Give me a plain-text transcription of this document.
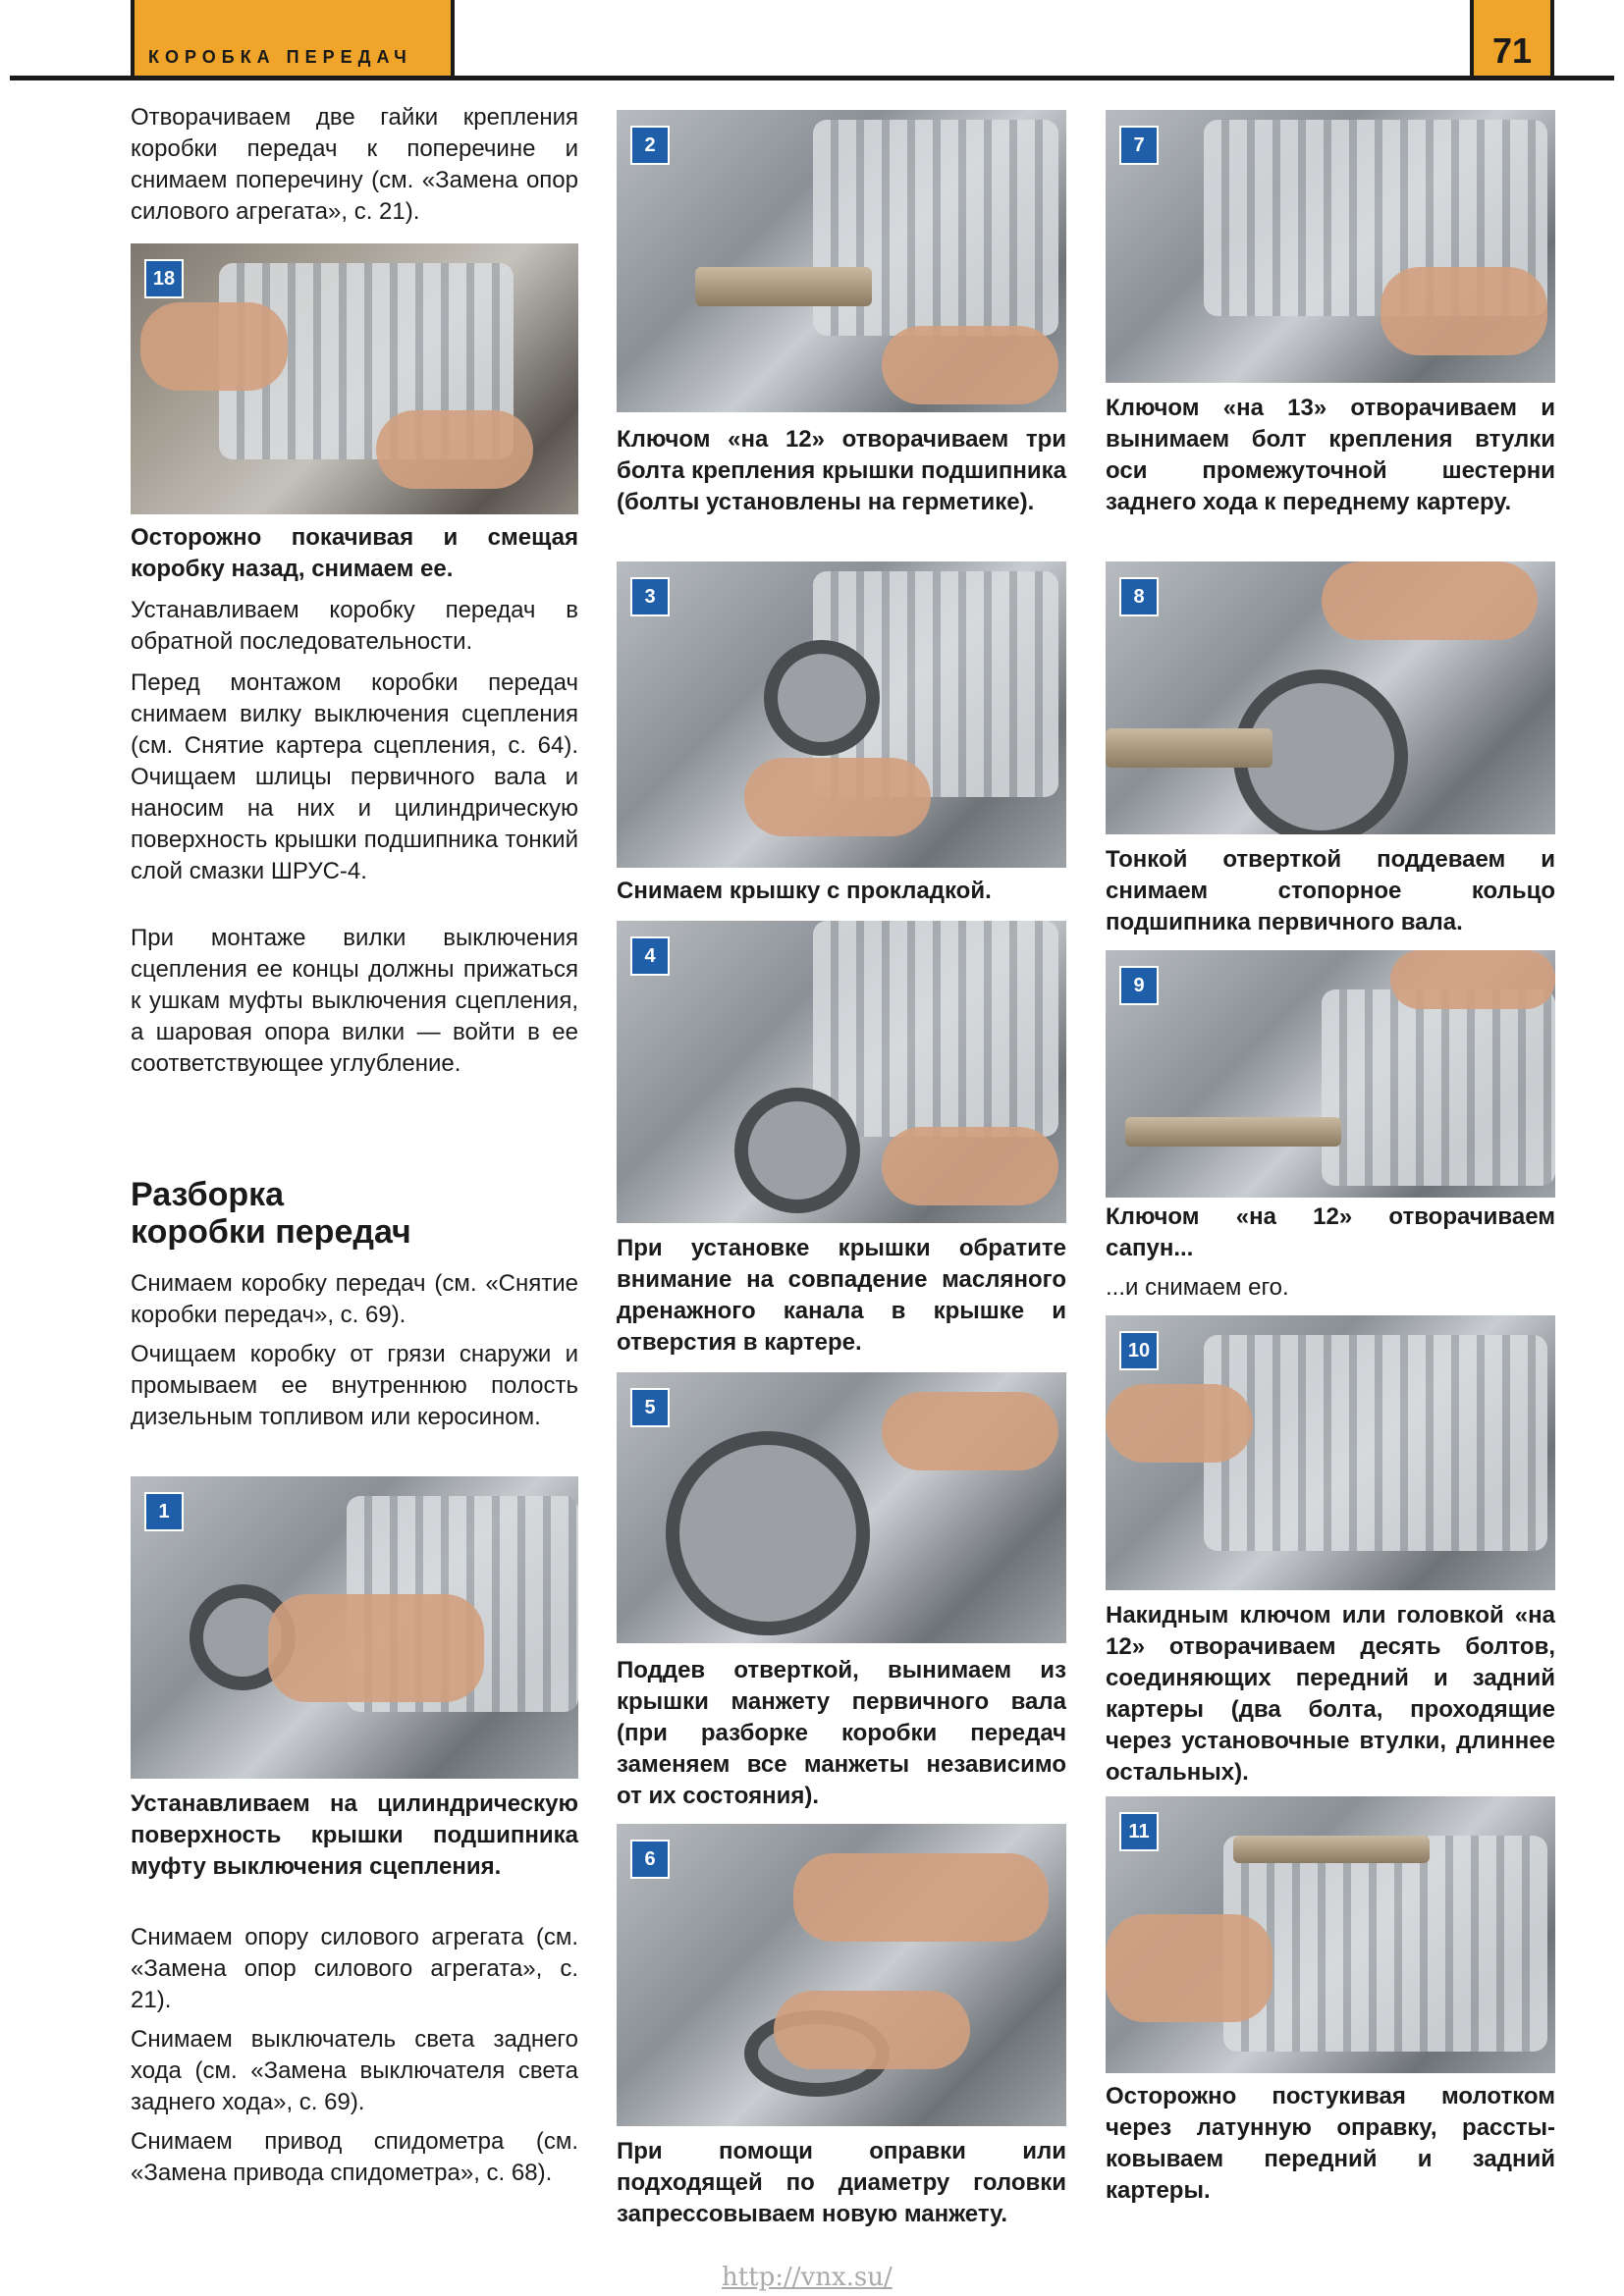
КОРОБКА ПЕРЕДАЧ	71

Отворачиваем две гайки крепления коробки передач к поперечине и снимаем поперечину (см. «Замена опор силового агрегата», с. 21).

18

Осторожно покачивая и смещая коробку назад, снимаем ее.

Устанавливаем коробку передач в обратной последовательности.

Перед монтажом коробки передач снимаем вилку выключения сцепления (см. Снятие картера сцепления, с. 64). Очищаем шлицы первичного вала и наносим на них и цилиндрическую поверхность крышки подшипника тонкий слой смазки ШРУС-4.

При монтаже вилки выключения сцепления ее концы должны прижаться к ушкам муфты выключения сцепления, а шаровая опора вилки — войти в ее соответствующее углубление.

Разборка
коробки передач

Снимаем коробку передач (см. «Снятие коробки передач», с. 69).

Очищаем коробку от грязи снаружи и промываем ее внутреннюю полость дизельным топливом или керосином.

1

Устанавливаем на цилиндрическую поверхность крышки подшипника муфту выключения сцепления.

Снимаем опору силового агрегата (см. «Замена опор силового агрегата», с. 21).

Снимаем выключатель света заднего хода (см. «Замена выключателя света заднего хода», с. 69).

Снимаем привод спидометра (см. «Замена привода спидометра», с. 68).

2

Ключом «на 12» отворачиваем три болта крепления крышки подшипника (болты установлены на герметике).

3

Снимаем крышку с прокладкой.

4

При установке крышки обратите внимание на совпадение масляного дренажного канала в крышке и отверстия в картере.

5

Поддев отверткой, вынимаем из крышки манжету первичного вала (при разборке коробки передач заменяем все манжеты независимо от их состояния).

6

При помощи оправки или подходящей по диаметру головки запрессовываем новую манжету.

7

Ключом «на 13» отворачиваем и вынимаем болт крепления втулки оси промежуточной шестерни заднего хода к переднему картеру.

8

Тонкой отверткой поддеваем и снимаем стопорное кольцо подшипника первичного вала.

9

Ключом «на 12» отворачиваем сапун...

...и снимаем его.

10

Накидным ключом или головкой «на 12» отворачиваем десять болтов, соединяющих передний и задний картеры (два болта, проходящие через установочные втулки, длиннее остальных).

11

Осторожно постукивая молотком через латунную оправку, расстыковываем передний и задний картеры.

http://vnx.su/
